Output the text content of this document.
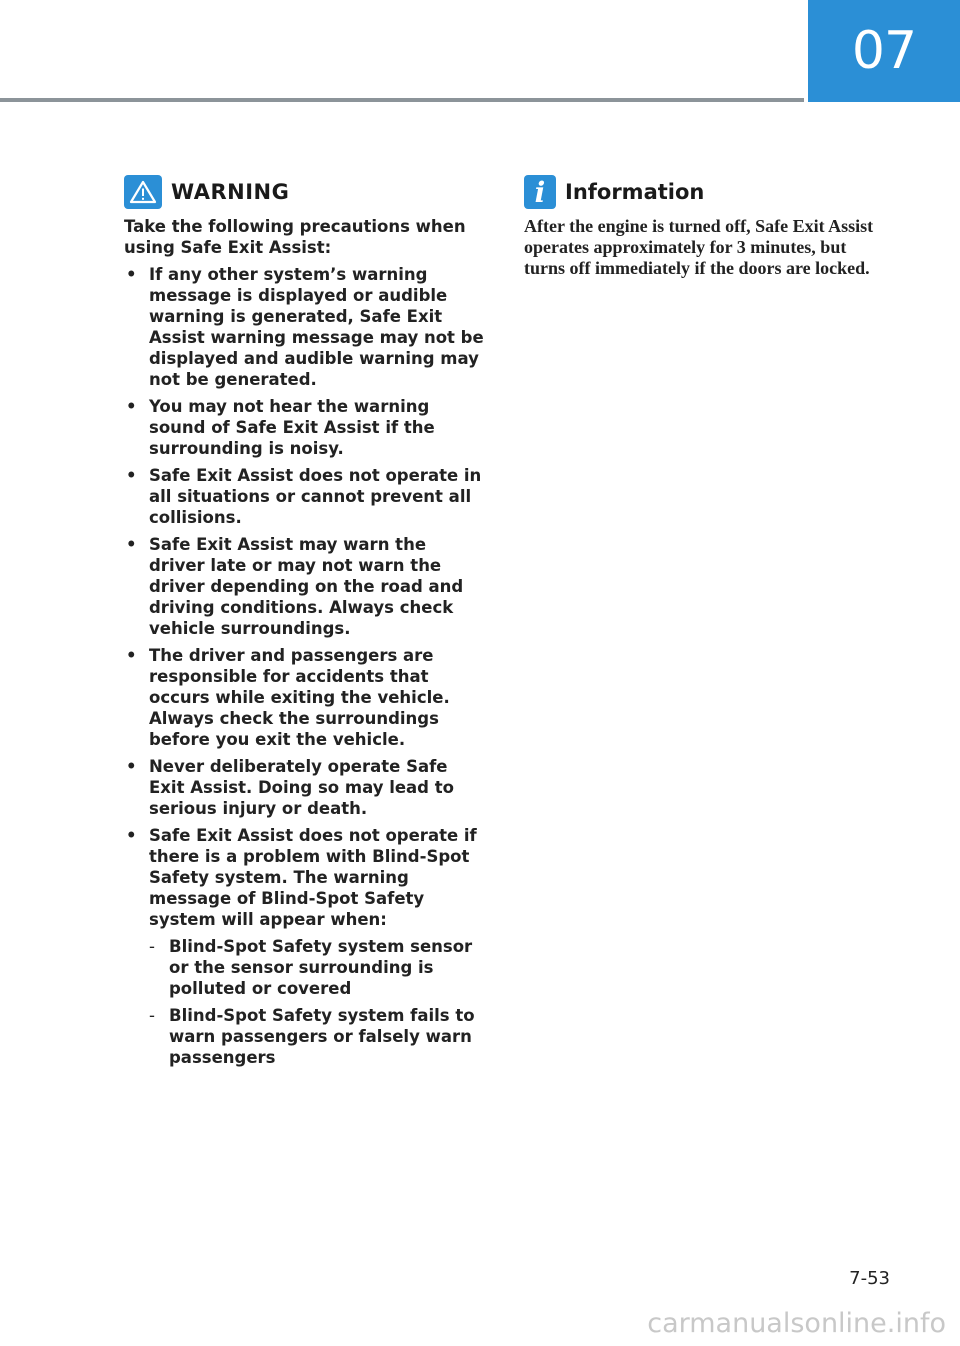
07
WARNING
Take the following precautions when using Safe Exit Assist:
• If any other system’s warning message is displayed or audible warning is generated, Safe Exit Assist warning message may not be displayed and audible warning may not be generated.
• You may not hear the warning sound of Safe Exit Assist if the surrounding is noisy.
• Safe Exit Assist does not operate in all situations or cannot prevent all collisions.
• Safe Exit Assist may warn the driver late or may not warn the driver depending on the road and driving conditions. Always check vehicle surroundings.
• The driver and passengers are responsible for accidents that occurs while exiting the vehicle. Always check the surroundings before you exit the vehicle.
• Never deliberately operate Safe Exit Assist. Doing so may lead to serious injury or death.
• Safe Exit Assist does not operate if there is a problem with Blind-Spot Safety system. The warning message of Blind-Spot Safety system will appear when:
- Blind-Spot Safety system sensor or the sensor surrounding is polluted or covered
- Blind-Spot Safety system fails to warn passengers or falsely warn passengers
i Information
After the engine is turned off, Safe Exit Assist operates approximately for 3 minutes, but turns off immediately if the doors are locked.
7-53
carmanualsonline.info
